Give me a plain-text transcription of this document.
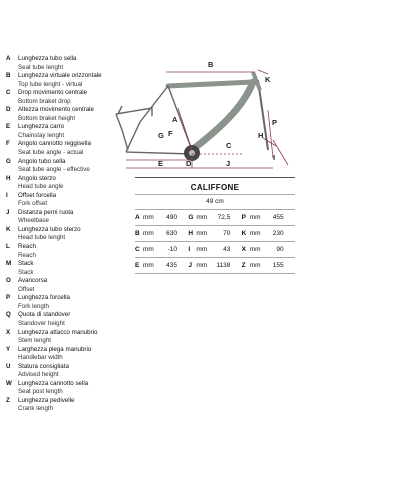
A Lunghezza tubo sella
Seat tube lenght
B Lunghezza virtuale orizzontale
Top tube lenght - virtual
C Drop movimento centrale
Bottom braket drop
D Altezza movimento centrale
Bottom braket height
E Lunghezza carro
Chainstay lenght
F Angolo cannotto reggisella
Seat tube angle - actual
G Angolo tubo sella
Seat tube angle - effective
H Angolo sterzo
Head tube angle
I Offset forcella
Fork offset
J Distanza perni ruota
Wheelbase
K Lunghezza tubo sterzo
Head tube lenght
L Reach
Reach
M Stack
Stack
O Avancorsa
Offset
P Lunghezza forcella
Fork length
Q Quota di standover
Standover height
X Lunghezza attacco manubrio
Stem lenght
Y Larghezza piega manubrio
Handlebar width
U Statura consigliata
Advised height
W Lunghezza cannotto sella
Seat post length
Z Lunghezza pedivelle
Crank length
B
K
A
F
G	H
P
C
D
E	J
I
CALIFFONE
49 cm
A mm	490 G mm	72,5 P mm	455
B mm	630 H mm	70 K mm	230
C mm	-10 I mm	43 X mm	90
E mm	435 J mm	1138 Z mm	155
